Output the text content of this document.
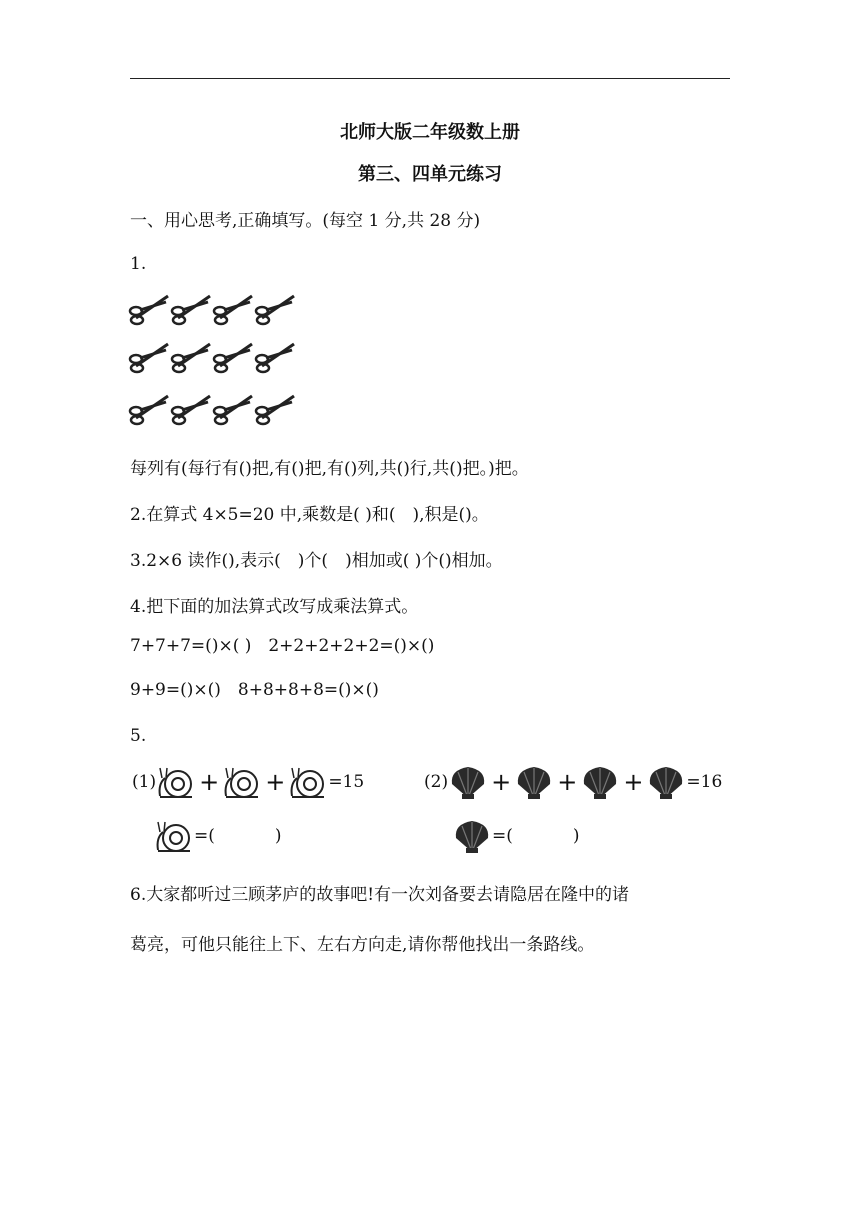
北师大版二年级数上册
第三、四单元练习
一、用心思考,正确填写。(每空 1 分,共 28 分)
1.
每列有(每行有()把,有()把,有()列,共()行,共()把。)把。
2.在算式 4×5=20 中,乘数是( )和( ),积是()。
3.2×6 读作(),表示( )个( )相加或( )个()相加。
4.把下面的加法算式改写成乘法算式。
7+7+7=()×( ) 2+2+2+2+2=()×()
9+9=()×() 8+8+8+8=()×()
5.
(1) + +	=15
=(	)
(2) + + +	=16
=(	)
6.大家都听过三顾茅庐的故事吧!有一次刘备要去请隐居在隆中的诸
葛亮，可他只能往上下、左右方向走,请你帮他找出一条路线。
